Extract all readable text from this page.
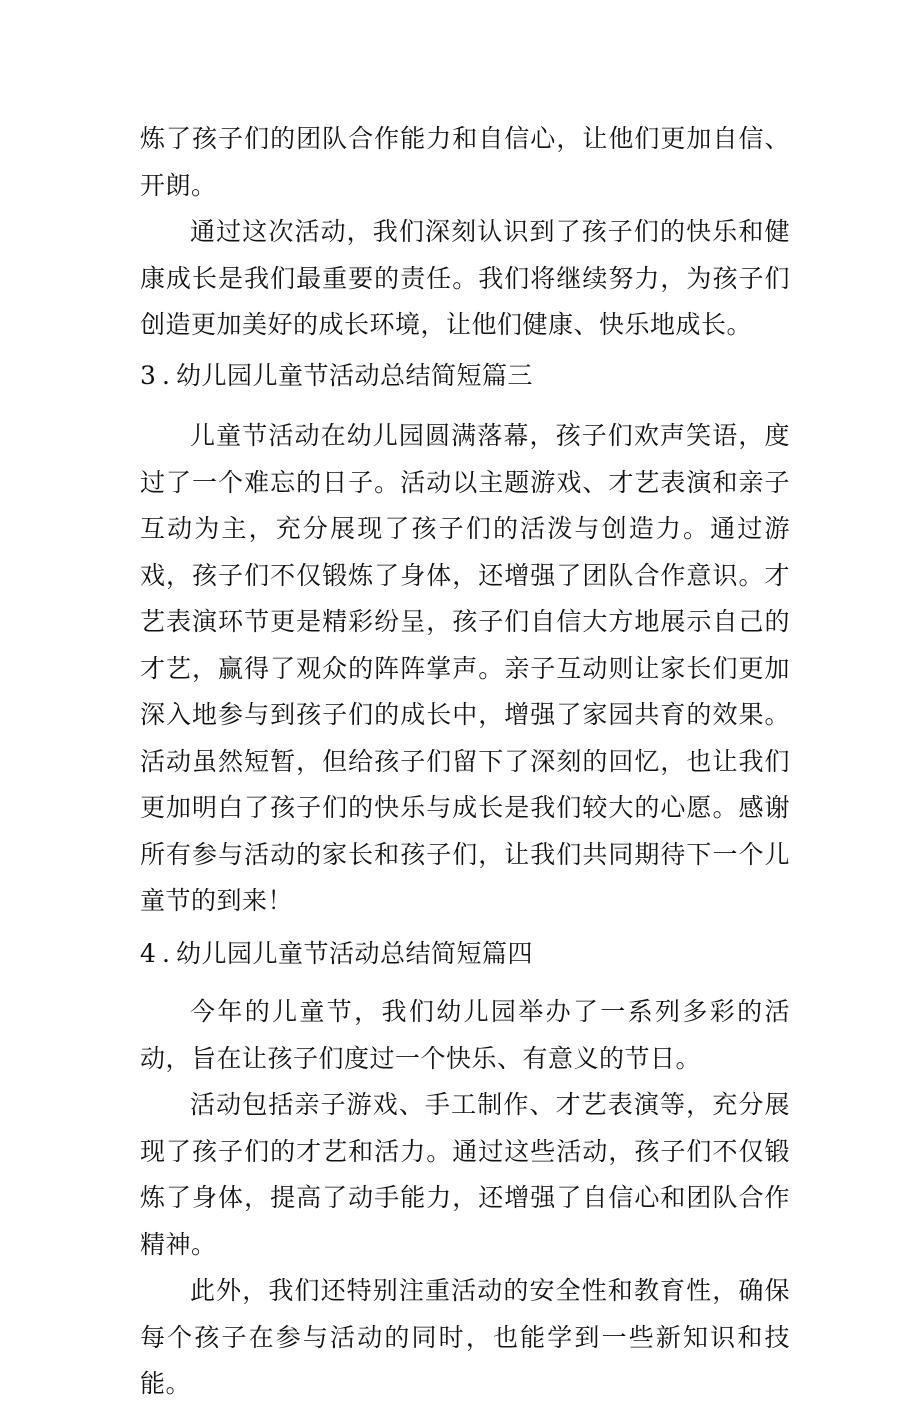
炼了孩子们的团队合作能力和自信心，让他们更加自信、开朗。

通过这次活动，我们深刻认识到了孩子们的快乐和健康成长是我们最重要的责任。我们将继续努力，为孩子们创造更加美好的成长环境，让他们健康、快乐地成长。

3 . 幼儿园儿童节活动总结简短篇三

儿童节活动在幼儿园圆满落幕，孩子们欢声笑语，度过了一个难忘的日子。活动以主题游戏、才艺表演和亲子互动为主，充分展现了孩子们的活泼与创造力。通过游戏，孩子们不仅锻炼了身体，还增强了团队合作意识。才艺表演环节更是精彩纷呈，孩子们自信大方地展示自己的才艺，赢得了观众的阵阵掌声。亲子互动则让家长们更加深入地参与到孩子们的成长中，增强了家园共育的效果。活动虽然短暂，但给孩子们留下了深刻的回忆，也让我们更加明白了孩子们的快乐与成长是我们较大的心愿。感谢所有参与活动的家长和孩子们，让我们共同期待下一个儿童节的到来！

4 . 幼儿园儿童节活动总结简短篇四

今年的儿童节，我们幼儿园举办了一系列多彩的活动，旨在让孩子们度过一个快乐、有意义的节日。

活动包括亲子游戏、手工制作、才艺表演等，充分展现了孩子们的才艺和活力。通过这些活动，孩子们不仅锻炼了身体，提高了动手能力，还增强了自信心和团队合作精神。

此外，我们还特别注重活动的安全性和教育性，确保每个孩子在参与活动的同时，也能学到一些新知识和技能。
